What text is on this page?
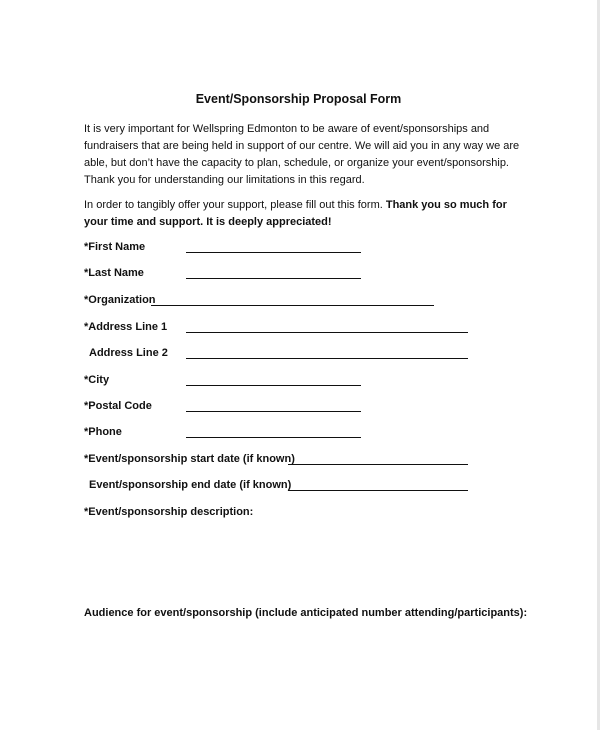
Event/Sponsorship Proposal Form

It is very important for Wellspring Edmonton to be aware of event/sponsorships and fundraisers that are being held in support of our centre. We will aid you in any way we are able, but don’t have the capacity to plan, schedule, or organize your event/sponsorship. Thank you for understanding our limitations in this regard.

In order to tangibly offer your support, please fill out this form. Thank you so much for your time and support. It is deeply appreciated!

*First Name
*Last Name
*Organization
*Address Line 1
Address Line 2
*City
*Postal Code
*Phone
*Event/sponsorship start date (if known)
Event/sponsorship end date (if known)
*Event/sponsorship description:
Audience for event/sponsorship (include anticipated number attending/participants):
